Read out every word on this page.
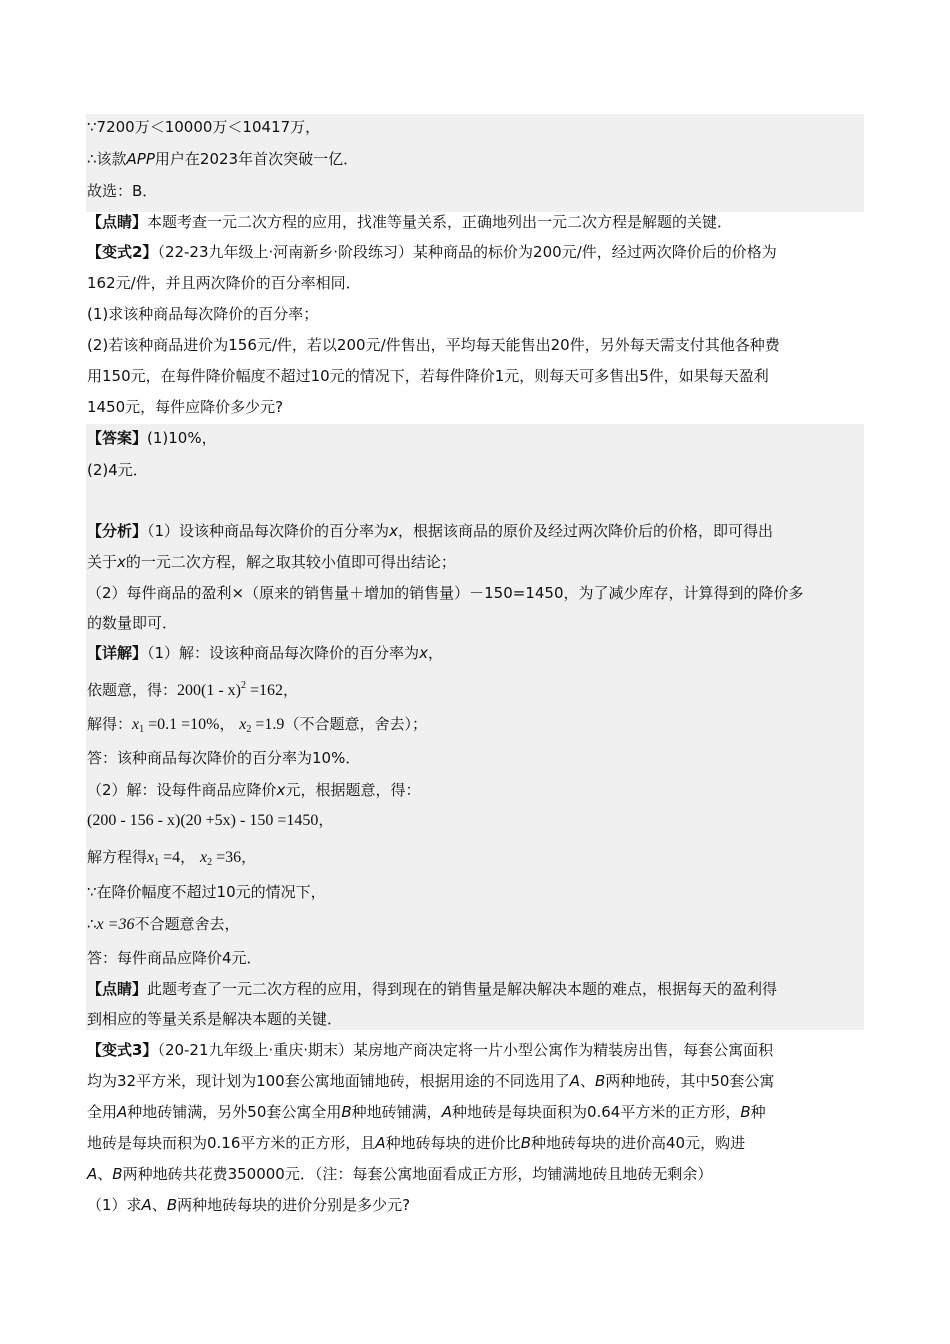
∵7200万＜10000万＜10417万，
∴该款APP用户在2023年首次突破一亿．
故选：B．
【点睛】本题考查一元二次方程的应用，找准等量关系，正确地列出一元二次方程是解题的关键．
【变式2】（22-23九年级上·河南新乡·阶段练习）某种商品的标价为200元/件，经过两次降价后的价格为
162元/件，并且两次降价的百分率相同．
(1)求该种商品每次降价的百分率；
(2)若该种商品进价为156元/件，若以200元/件售出，平均每天能售出20件，另外每天需支付其他各种费
用150元，在每件降价幅度不超过10元的情况下，若每件降价1元，则每天可多售出5件，如果每天盈利
1450元，每件应降价多少元?
【答案】(1)10%，
(2)4元．
【分析】（1）设该种商品每次降价的百分率为x，根据该商品的原价及经过两次降价后的价格，即可得出
关于x的一元二次方程，解之取其较小值即可得出结论；
（2）每件商品的盈利×（原来的销售量＋增加的销售量）－150=1450，为了减少库存，计算得到的降价多
的数量即可．
【详解】（1）解：设该种商品每次降价的百分率为x，
依题意，得：200(1 - x)$^2$ =162，
解得：$x_1 =0.1 =10\%$， $x_2 =1.9$（不合题意，舍去）；
答：该种商品每次降价的百分率为10%．
（2）解：设每件商品应降价x元，根据题意，得：
(200 - 156 - x)(20 +5x) - 150 =1450，
解方程得$x_1 =4$， $x_2 =36$，
∵在降价幅度不超过10元的情况下，
∴x =36不合题意舍去，
答：每件商品应降价4元．
【点睛】此题考查了一元二次方程的应用，得到现在的销售量是解决解决本题的难点，根据每天的盈利得
到相应的等量关系是解决本题的关键．
【变式3】（20-21九年级上·重庆·期末）某房地产商决定将一片小型公寓作为精装房出售，每套公寓面积
均为32平方米，现计划为100套公寓地面铺地砖，根据用途的不同选用了A、B两种地砖，其中50套公寓
全用A种地砖铺满，另外50套公寓全用B种地砖铺满，A种地砖是每块面积为0.64平方米的正方形，B种
地砖是每块而积为0.16平方米的正方形，且A种地砖每块的进价比B种地砖每块的进价高40元，购进
A、B两种地砖共花费350000元．（注：每套公寓地面看成正方形，均铺满地砖且地砖无剩余）
（1）求A、B两种地砖每块的进价分别是多少元?
